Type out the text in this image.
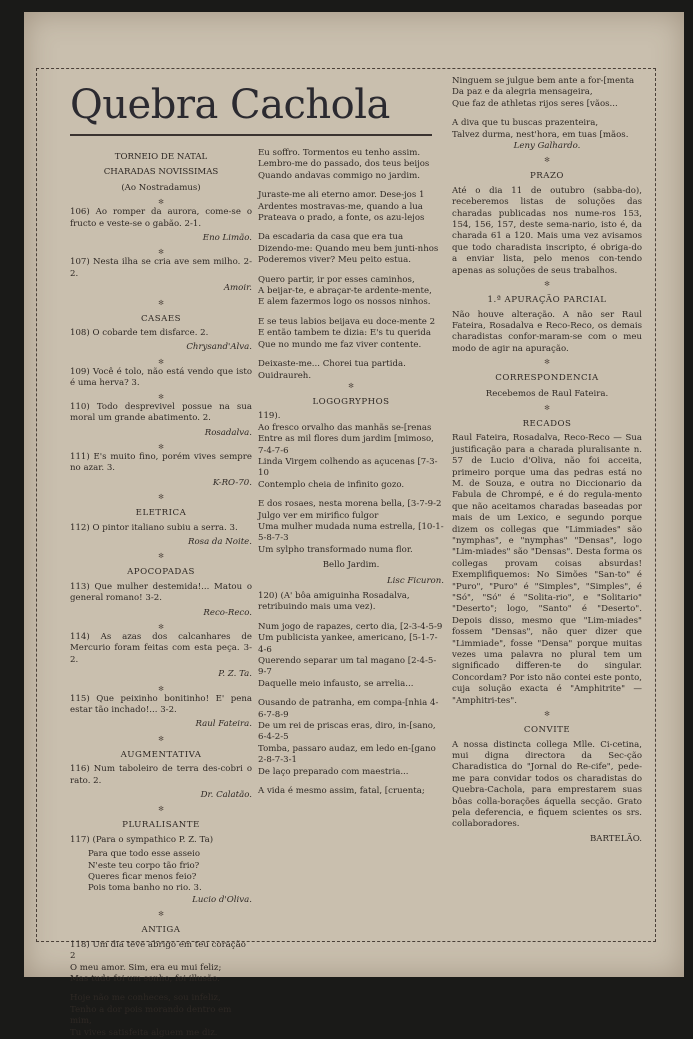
Quebra Cachola
TORNEIO DE NATAL
CHARADAS NOVISSIMAS
(Ao Nostradamus)
✻

106) Ao romper da aurora, come-se o fructo e veste-se o gabão. 2-1.

Eno Limão.
✻

107) Nesta ilha se cria ave sem milho. 2-2.

Amoir.
✻
CASAES

108) O cobarde tem disfarce. 2.

Chrysand'Alva.
✻

109) Você é tolo, não está vendo que isto é uma herva? 3.

✻

110) Todo desprevivel possue na sua moral um grande abatimento. 2.

Rosadalva.
✻

111) E's muito fino, porém vives sempre no azar. 3.

K-RO-70.
✻
ELETRICA

112) O pintor italiano subiu a serra. 3.

Rosa da Noite.
✻
APOCOPADAS

113) Que mulher destemida!... Matou o general romano! 3-2.

Reco-Reco.
✻

114) As azas dos calcanhares de Mercurio foram feitas com esta peça. 3-2.

P. Z. Ta.
✻

115) Que peixinho bonitinho! E' pena estar tão inchado!... 3-2.

Raul Fateira.
✻
AUGMENTATIVA

116) Num taboleiro de terra des-cobri o rato. 2.

Dr. Calatão.
✻
PLURALISANTE

117) (Para o sympathico P. Z. Ta)

Para que todo esse asseio
N'este teu corpo tão frio?
Queres ficar menos feio?
Pois toma banho no rio. 3.
Lucio d'Oliva.
✻
ANTIGA
118) Um dia teve abrigo em teu coração 2
O meu amor. Sim, era eu mui feliz;
Mas tudo foi um sonho, foi illusão.
Hoje não me conheces, sou infeliz,
Tenho a dor pois morando dentro em mim,
Tu vives satisfeita alguem me diz.
Eu soffro. Tormentos eu tenho assim.
Lembro-me do passado, dos teus beijos
Quando andavas commigo no jardim.
Juraste-me ali eterno amor. Dese-jos 1
Ardentes mostravas-me, quando a lua
Prateava o prado, a fonte, os azu-lejos
Da escadaria da casa que era tua
Dizendo-me: Quando meu bem junti-nhos
Poderemos viver? Meu peito estua.
Quero partir, ir por esses caminhos,
A beijar-te, e abraçar-te ardente-mente,
E alem fazermos logo os nossos ninhos.
E se teus labios beijava eu doce-mente 2
E então tambem te dizia: E's tu querida
Que no mundo me faz viver contente.
Deixaste-me... Chorei tua partida.
Ouidraureh.
✻
LOGOGRYPHOS
119).
Ao fresco orvalho das manhãs se-[renas
Entre as mil flores dum jardim [mimoso, 7-4-7-6
Linda Virgem colhendo as açucenas [7-3-10
Contemplo cheia de infinito gozo.
E dos rosaes, nesta morena bella, [3-7-9-2
Julgo ver em mirifico fulgor
Uma mulher mudada numa estrella, [10-1-5-8-7-3
Um sylpho transformado numa flor.
Bello Jardim.
Lisc Ficuron.
120) (A' bôa amiguinha Rosadalva, retribuindo mais uma vez).
Num jogo de rapazes, certo dia, [2-3-4-5-9
Um publicista yankee, americano, [5-1-7-4-6
Querendo separar um tal magano [2-4-5-9-7
Daquelle meio infausto, se arrelia...
Ousando de patranha, em compa-[nhia 4-6-7-8-9
De um rei de priscas eras, diro, in-[sano, 6-4-2-5
Tomba, passaro audaz, em ledo en-[gano 2-8-7-3-1
De laço preparado com maestria...
A vida é mesmo assim, fatal, [cruenta;
Ninguem se julgue bem ante a for-[menta
Da paz e da alegria mensageira,
Que faz de athletas rijos seres [vãos...
A diva que tu buscas prazenteira,
Talvez durma, nest'hora, em tuas [mãos.
Leny Galhardo.
✻
PRAZO

Até o dia 11 de outubro (sabba-do), receberemos listas de soluções das charadas publicadas nos nume-ros 153, 154, 156, 157, deste sema-nario, isto é, da charada 61 a 120. Mais uma vez avisamos que todo charadista inscripto, é obriga-do a enviar lista, pelo menos con-tendo apenas as soluções de seus trabalhos.

✻
1.ª APURAÇÃO PARCIAL

Não houve alteração. A não ser Raul Fateira, Rosadalva e Reco-Reco, os demais charadistas confor-maram-se com o meu modo de agir na apuração.

✻
CORRESPONDENCIA

Recebemos de Raul Fateira.

✻
RECADOS

Raul Fateira, Rosadalva, Reco-Reco — Sua justificação para a charada pluralisante n. 57 de Lucio d'Oliva, não foi acceita, primeiro porque uma das pedras está no M. de Souza, e outra no Diccionario da Fabula de Chrompé, e é do regula-mento que não aceitamos charadas baseadas por mais de um Lexico, e segundo porque dizem os collegas que "Limmiades" são "nymphas", e "nymphas" "Densas", logo "Lim-miades" são "Densas". Desta forma os collegas provam coisas absurdas! Exemplifiquemos: No Simões "San-to" é "Puro", "Puro" é "Simples", "Simples", é "Só", "Só" é "Solita-rio", e "Solitario" "Deserto"; logo, "Santo" é "Deserto". Depois disso, mesmo que "Lim-miades" fossem "Densas", não quer dizer que "Limmiade", fosse "Densa" porque muitas vezes uma palavra no plural tem um significado differen-te do singular. Concordam? Por isto não contei este ponto, cuja solução exacta é "Amphitrite" — "Amphitri-tes".

✻
CONVITE

A nossa distincta collega Mlle. Ci-cetina, mui digna directora da Sec-ção Charadistica do "Jornal do Re-cife", pede-me para convidar todos os charadistas do Quebra-Cachola, para emprestarem suas bôas colla-borações áquella secção. Grato pela deferencia, e fiquem scientes os srs. collaboradores.

BARTELÃO.
